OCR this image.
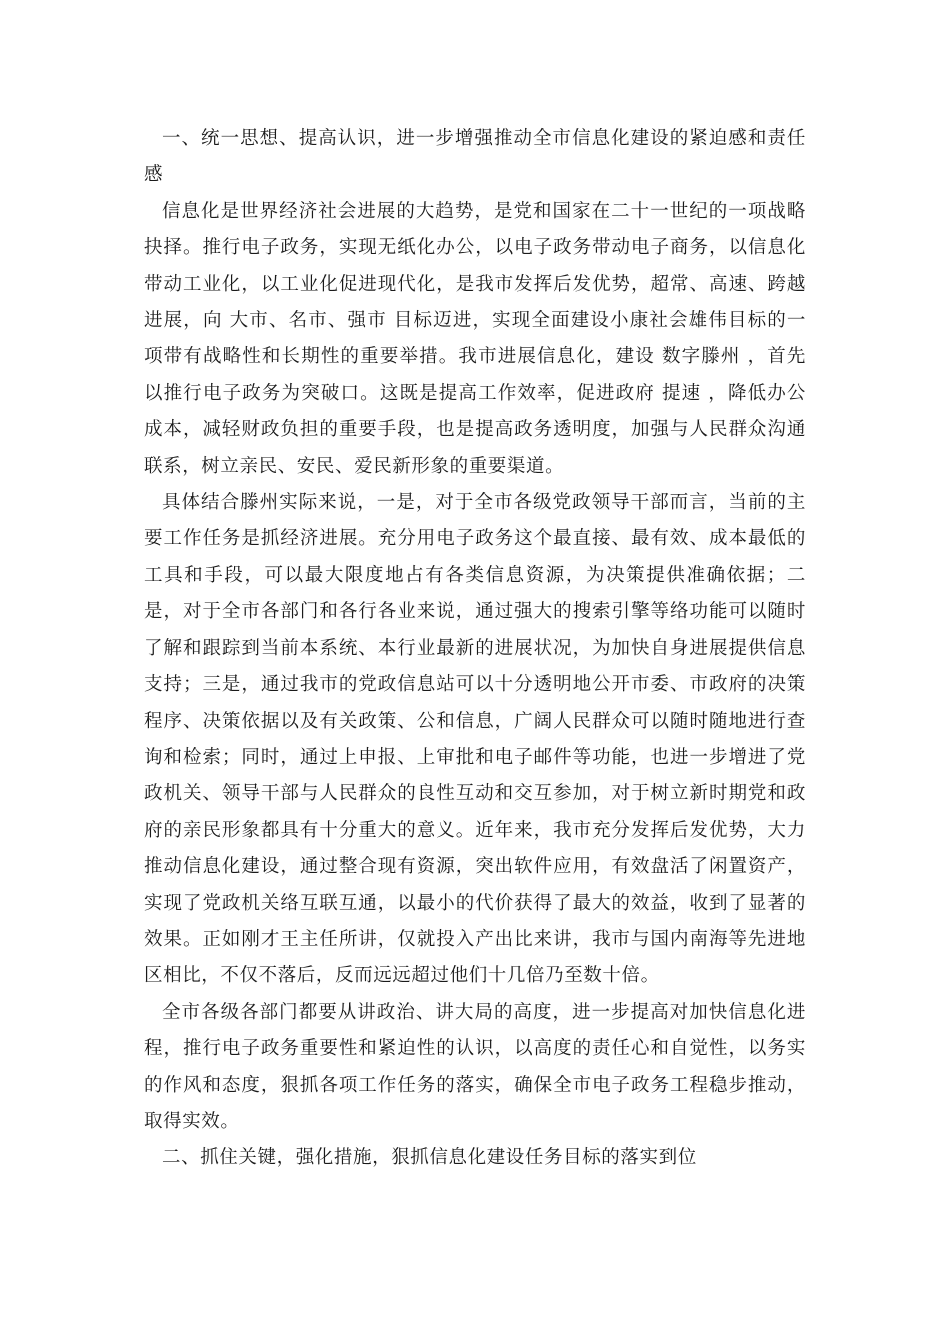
一、统一思想、提高认识，进一步增强推动全市信息化建设的紧迫感和责任感

信息化是世界经济社会进展的大趋势，是党和国家在二十一世纪的一项战略抉择。推行电子政务，实现无纸化办公，以电子政务带动电子商务，以信息化带动工业化，以工业化促进现代化，是我市发挥后发优势，超常、高速、跨越进展，向 大市、名市、强市 目标迈进，实现全面建设小康社会雄伟目标的一项带有战略性和长期性的重要举措。我市进展信息化，建设 数字滕州 ，首先以推行电子政务为突破口。这既是提高工作效率，促进政府 提速 ，降低办公成本，减轻财政负担的重要手段，也是提高政务透明度，加强与人民群众沟通联系，树立亲民、安民、爱民新形象的重要渠道。

具体结合滕州实际来说，一是，对于全市各级党政领导干部而言，当前的主要工作任务是抓经济进展。充分用电子政务这个最直接、最有效、成本最低的工具和手段，可以最大限度地占有各类信息资源，为决策提供准确依据；二是，对于全市各部门和各行各业来说，通过强大的搜索引擎等络功能可以随时了解和跟踪到当前本系统、本行业最新的进展状况，为加快自身进展提供信息支持；三是，通过我市的党政信息站可以十分透明地公开市委、市政府的决策程序、决策依据以及有关政策、公和信息，广阔人民群众可以随时随地进行查询和检索；同时，通过上申报、上审批和电子邮件等功能，也进一步增进了党政机关、领导干部与人民群众的良性互动和交互参加，对于树立新时期党和政府的亲民形象都具有十分重大的意义。近年来，我市充分发挥后发优势，大力推动信息化建设，通过整合现有资源，突出软件应用，有效盘活了闲置资产，实现了党政机关络互联互通，以最小的代价获得了最大的效益，收到了显著的效果。正如刚才王主任所讲，仅就投入产出比来讲，我市与国内南海等先进地区相比，不仅不落后，反而远远超过他们十几倍乃至数十倍。

全市各级各部门都要从讲政治、讲大局的高度，进一步提高对加快信息化进程，推行电子政务重要性和紧迫性的认识，以高度的责任心和自觉性，以务实的作风和态度，狠抓各项工作任务的落实，确保全市电子政务工程稳步推动，取得实效。

二、抓住关键，强化措施，狠抓信息化建设任务目标的落实到位
